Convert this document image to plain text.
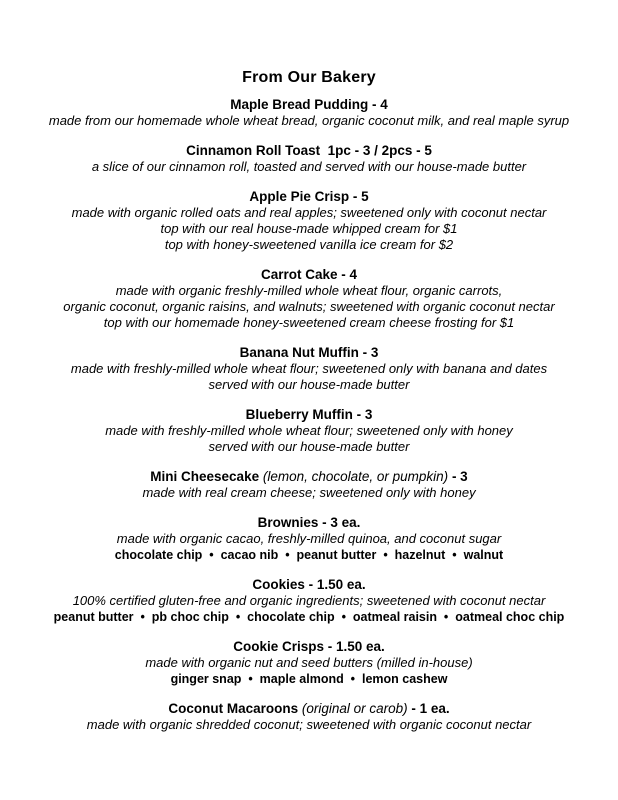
From Our Bakery
Maple Bread Pudding - 4
made from our homemade whole wheat bread, organic coconut milk, and real maple syrup
Cinnamon Roll Toast  1pc - 3 / 2pcs - 5
a slice of our cinnamon roll, toasted and served with our house-made butter
Apple Pie Crisp - 5
made with organic rolled oats and real apples; sweetened only with coconut nectar
top with our real house-made whipped cream for $1
top with honey-sweetened vanilla ice cream for $2
Carrot Cake - 4
made with organic freshly-milled whole wheat flour, organic carrots,
organic coconut, organic raisins, and walnuts; sweetened with organic coconut nectar
top with our homemade honey-sweetened cream cheese frosting for $1
Banana Nut Muffin - 3
made with freshly-milled whole wheat flour; sweetened only with banana and dates
served with our house-made butter
Blueberry Muffin - 3
made with freshly-milled whole wheat flour; sweetened only with honey
served with our house-made butter
Mini Cheesecake (lemon, chocolate, or pumpkin) - 3
made with real cream cheese; sweetened only with honey
Brownies - 3 ea.
made with organic cacao, freshly-milled quinoa, and coconut sugar
chocolate chip  •  cacao nib  •  peanut butter  •  hazelnut  •  walnut
Cookies - 1.50 ea.
100% certified gluten-free and organic ingredients; sweetened with coconut nectar
peanut butter  •  pb choc chip  •  chocolate chip  •  oatmeal raisin  •  oatmeal choc chip
Cookie Crisps - 1.50 ea.
made with organic nut and seed butters (milled in-house)
ginger snap  •  maple almond  •  lemon cashew
Coconut Macaroons (original or carob) - 1 ea.
made with organic shredded coconut; sweetened with organic coconut nectar
